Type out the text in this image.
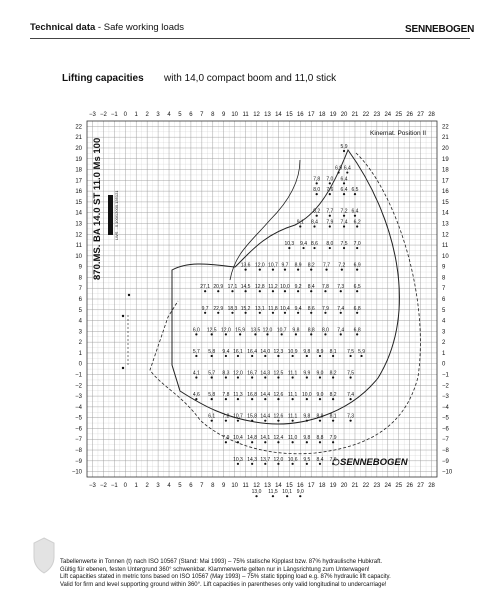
Technical data - Safe working loads	SENNEBOGEN
Lifting capacities with 14,0 compact boom and 11,0 stick
−3 −2 −1 0 1 2 3 4 5 6 7 8 9 10 11 12 13 14 15 16 17 18 19 20 21 22 23 24 25 26 27 28
−3 −2 −1 0 1 2 3 4 5 6 7 8 9 10 11 12 13 14 15 16 17 18 19 20 21 22 23 24 25 26 27 28
22
21
20
19
18
17
16
15
14
13
12
11
10
9
8
7
6
5
4
3
2
1
0
−1
−2
−3
−4
−5
−6
−7
−8
−9
−10
22
21
20
19
18
17
16
15
14
13
12
11
10
9
8
7
6
5
4
3
2
1
0
−1
−2
−3
−4
−5
−6
−7
−8
−9
−10
5,9
6,9 6,4
7,8 7,0 6,4
8,0 7,6 6,4 6,5
8,2 7,7 7,2 6,4
9,1 8,4 7,9 7,4 6,2
10,3 9,4 8,6 8,0 7,5 7,0
13,6 12,0 10,7 9,7 8,9 8,2 7,7 7,2 6,9
27,1 20,9 17,1 14,5 12,8 11,2 10,0 9,2 8,4 7,8 7,3 6,5
9,7 22,9 18,3 15,2 13,1 11,8 10,4 9,4 8,6 7,9 7,4 6,8
6,0 12,5 12,0 15,9 13,5 12,0 10,7 9,8 8,8 8,0 7,4 6,8
5,7 5,8 9,4 16,1 16,4 14,0 12,3 10,9 9,8 8,9 8,1 7,5 5,9
4,1 5,7 8,3 12,0 16,7 14,3 12,5 11,1 9,9 9,0 8,2 7,5
4,6 5,8 7,8 11,3 16,8 14,4 12,6 11,1 10,0 9,0 8,2 7,4
6,1 7,8 10,7 15,8 14,4 12,6 11,1 9,8 8,9 8,1 7,3
7,9 10,4 14,8 14,1 12,4 11,0 9,8 8,8 7,9
10,3 14,3 13,7 12,0 10,6 9,5 8,4 7,6
13,0 11,5 10,1 9,0
870.MS. BA 14.0 ST 11.0 Ms 100	LWS ...0.100/12000.135121
Kinemat. Position II
SENNEBOGEN
Tabellenwerte in Tonnen (t) nach ISO 10567 (Stand: Mai 1993) – 75% statische Kipplast bzw. 87% hydraulische Hubkraft.
Gültig für ebenen, festen Untergrund 360° schwenkbar. Klammerwerte gelten nur in Längsrichtung zum Unterwagen!
Lift capacities stated in metric tons based on ISO 10567 (May 1993) – 75% static tipping load e.g. 87% hydraulic lift capacity.
Valid for firm and level supporting ground within 360°. Lift capacities in parentheses only valid longitudinal to undercarriage!
